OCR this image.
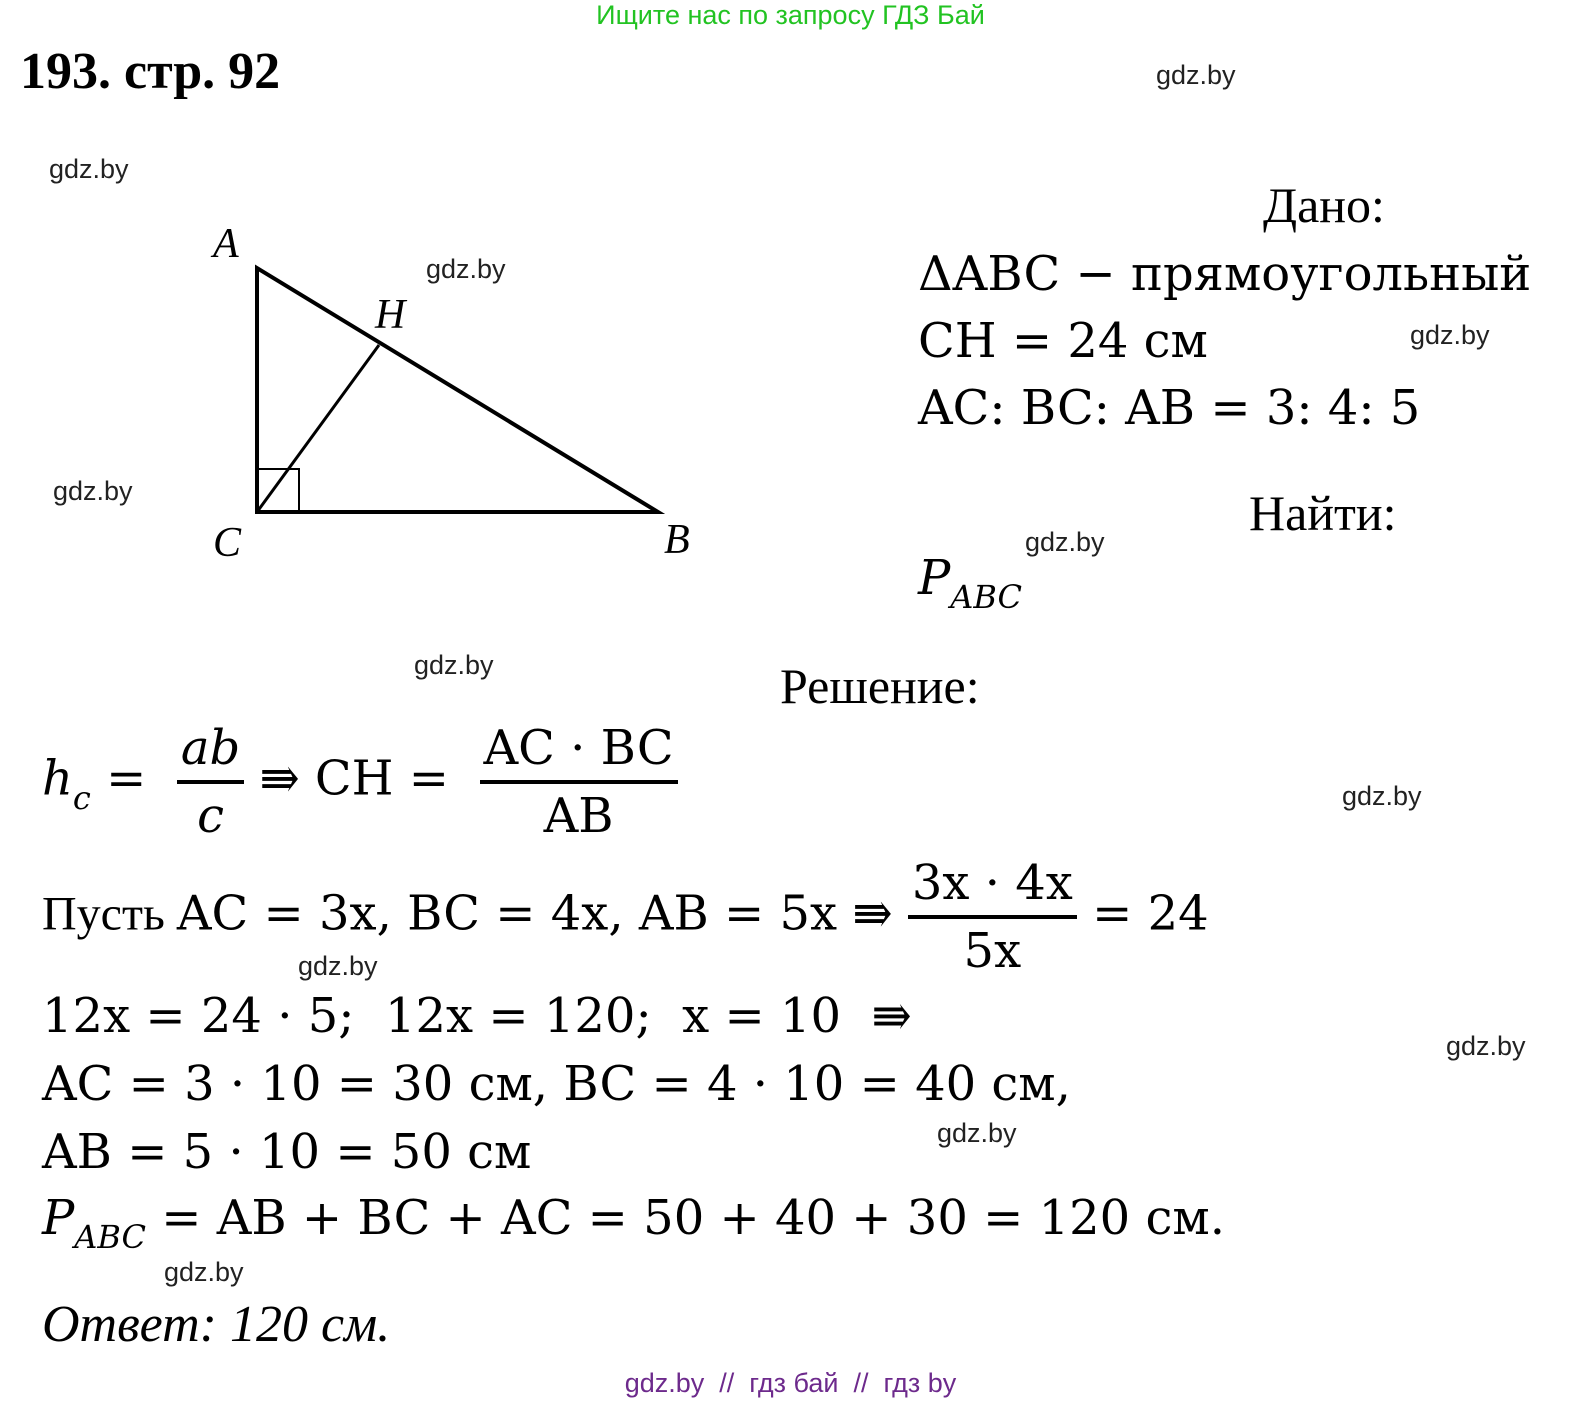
Ищите нас по запросу ГДЗ Бай
193. стр. 92	gdz.by
gdz.by
gdz.by
gdz.by
gdz.by
gdz.by
gdz.by
gdz.by
gdz.by
gdz.by
gdz.by
gdz.by
A
H
C	B
Дано:
ΔABC − прямоугольный
CH = 24 см
AC: BC: AB = 3: 4: 5
Найти:
$P_{ABC}$
Решение:
$h_c = \frac{ab}{c}$ ⇛ CH = $\frac{AC \cdot BC}{AB}$
Пусть AC = 3x, BC = 4x, AB = 5x ⇛ $\frac{3x \cdot 4x}{5x} = 24$
12x = 24 · 5;  12x = 120;  x = 10  ⇛
AC = 3 · 10 = 30 см, BC = 4 · 10 = 40 см,
AB = 5 · 10 = 50 см
$P_{ABC}$ = AB + BC + AC = 50 + 40 + 30 = 120 см.
Ответ: 120 см.
gdz.by  //  гдз бай  //  гдз by
